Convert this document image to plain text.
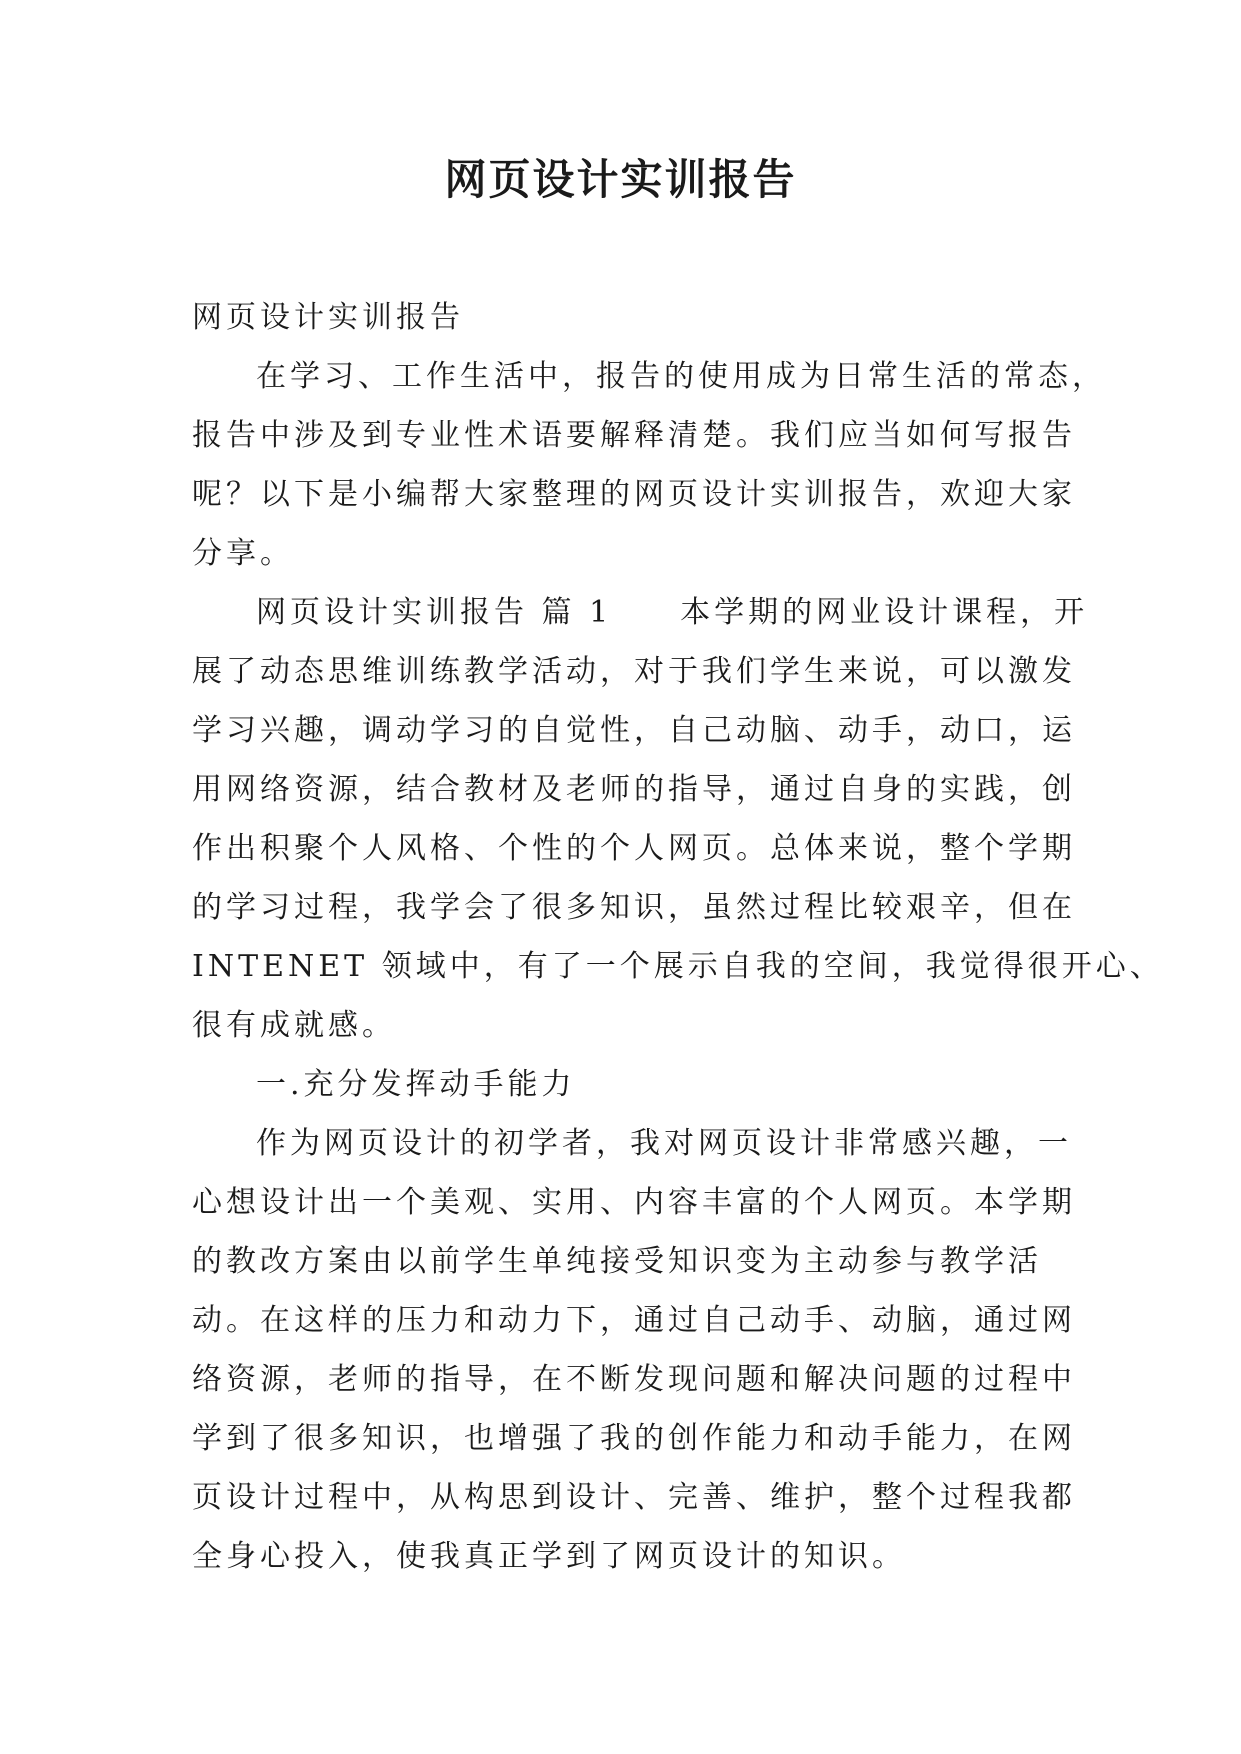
网页设计实训报告
网页设计实训报告
在学习、工作生活中，报告的使用成为日常生活的常态，
报告中涉及到专业性术语要解释清楚。我们应当如何写报告
呢？以下是小编帮大家整理的网页设计实训报告，欢迎大家
分享。
网页设计实训报告 篇 1　　本学期的网业设计课程，开
展了动态思维训练教学活动，对于我们学生来说，可以激发
学习兴趣，调动学习的自觉性，自己动脑、动手，动口，运
用网络资源，结合教材及老师的指导，通过自身的实践，创
作出积聚个人风格、个性的个人网页。总体来说，整个学期
的学习过程，我学会了很多知识，虽然过程比较艰辛，但在
INTENET 领域中，有了一个展示自我的空间，我觉得很开心、
很有成就感。
一.充分发挥动手能力
作为网页设计的初学者，我对网页设计非常感兴趣，一
心想设计出一个美观、实用、内容丰富的个人网页。本学期
的教改方案由以前学生单纯接受知识变为主动参与教学活
动。在这样的压力和动力下，通过自己动手、动脑，通过网
络资源，老师的指导，在不断发现问题和解决问题的过程中
学到了很多知识，也增强了我的创作能力和动手能力，在网
页设计过程中，从构思到设计、完善、维护，整个过程我都
全身心投入，使我真正学到了网页设计的知识。
